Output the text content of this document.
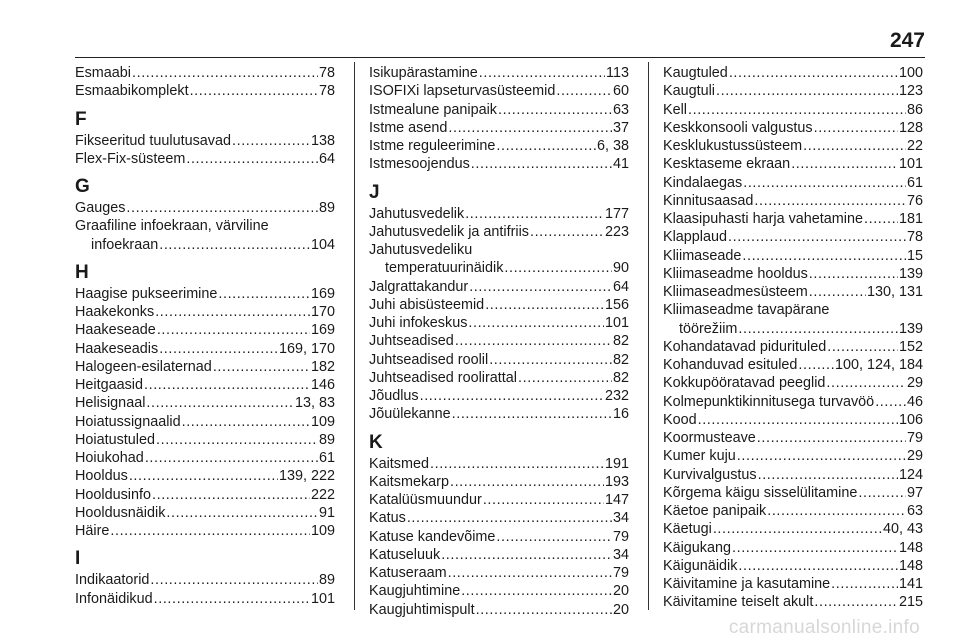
247
Esmaabi .....	78
Esmaabikomplekt .....	78
F
Fikseeritud tuulutusavad .....	138
Flex-Fix-süsteem .....	64
G
Gauges .....	89
Graafiline infoekraan, värviline
infoekraan .....	104
H
Haagise pukseerimine .....	169
Haakekonks .....	170
Haakeseade .....	169
Haakeseadis .....	169, 170
Halogeen-esilaternad .....	182
Heitgaasid .....	146
Helisignaal .....	13, 83
Hoiatussignaalid .....	109
Hoiatustuled .....	89
Hoiukohad .....	61
Hooldus .....	139, 222
Hooldusinfo .....	222
Hooldusnäidik .....	91
Häire .....	109
I
Indikaatorid .....	89
Infonäidikud .....	101
Isikupärastamine .....	113
ISOFIXi lapseturvasüsteemid .....	60
Istmealune panipaik .....	63
Istme asend .....	37
Istme reguleerimine .....	6, 38
Istmesoojendus .....	41
J
Jahutusvedelik .....	177
Jahutusvedelik ja antifriis .....	223
Jahutusvedeliku
temperatuurinäidik .....	90
Jalgrattakandur .....	64
Juhi abisüsteemid .....	156
Juhi infokeskus .....	101
Juhtseadised .....	82
Juhtseadised roolil .....	82
Juhtseadised roolirattal .....	82
Jõudlus .....	232
Jõuülekanne .....	16
K
Kaitsmed .....	191
Kaitsmekarp .....	193
Katalüüsmuundur .....	147
Katus .....	34
Katuse kandevõime .....	79
Katuseluuk .....	34
Katuseraam .....	79
Kaugjuhtimine .....	20
Kaugjuhtimispult .....	20
Kaugtuled .....	100
Kaugtuli .....	123
Kell .....	86
Keskkonsooli valgustus .....	128
Kesklukustussüsteem .....	22
Kesktaseme ekraan .....	101
Kindalaegas .....	61
Kinnitusaasad .....	76
Klaasipuhasti harja vahetamine ..... 181
Klapplaud .....	78
Kliimaseade .....	15
Kliimaseadme hooldus .....	139
Kliimaseadmesüsteem .....	130, 131
Kliimaseadme tavapärane
töörežiim .....	139
Kohandatavad pidurituled .....	152
Kohanduvad esituled .....	100, 124, 184
Kokkupööratavad peeglid .....	29
Kolmepunktikinnitusega turvavöö ..... 46
Kood .....	106
Koormusteave .....	79
Kumer kuju .....	29
Kurvivalgustus .....	124
Kõrgema käigu sisselülitamine .....	97
Käetoe panipaik .....	63
Käetugi .....	40, 43
Käigukang .....	148
Käigunäidik .....	148
Käivitamine ja kasutamine .....	141
Käivitamine teiselt akult .....	215
carmanualsonline.info
